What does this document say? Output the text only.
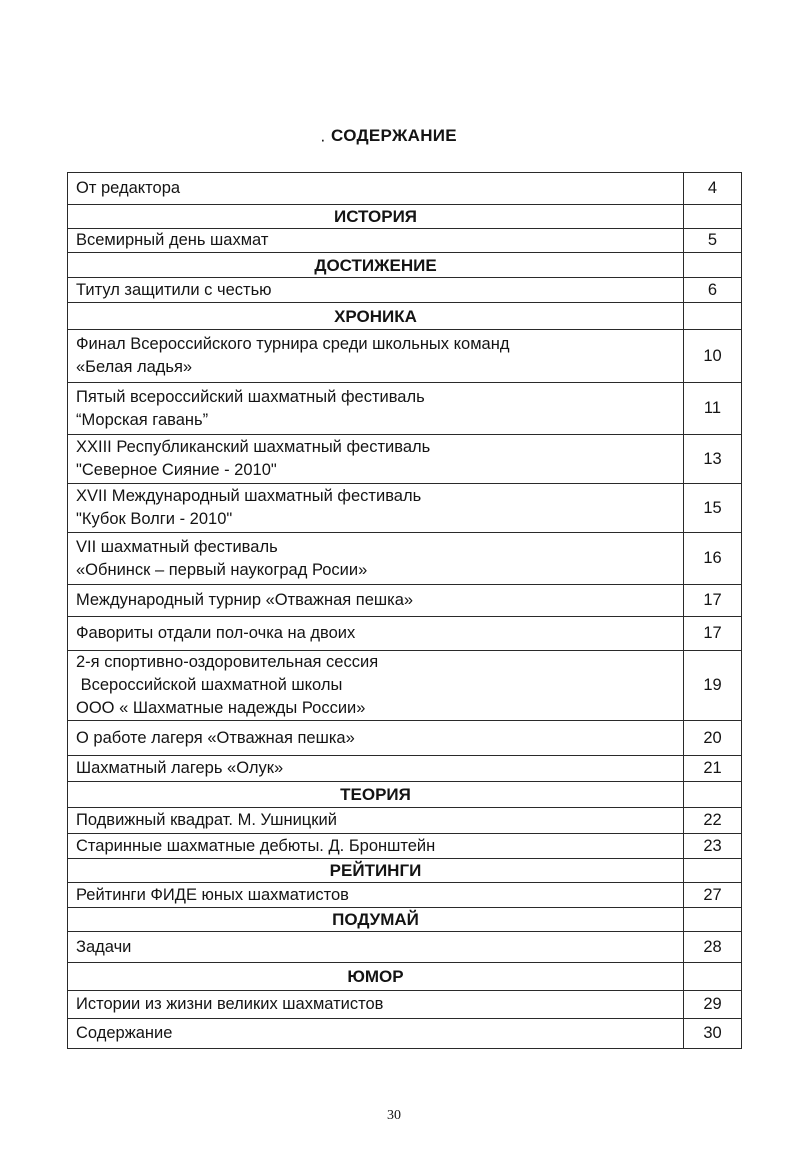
· СОДЕРЖАНИЕ
От редактора	4

ИСТОРИЯ	

Всемирный день шахмат	5

ДОСТИЖЕНИЕ	

Титул защитили с честью	6

ХРОНИКА	

Финал Всероссийского турнира среди школьных команд
«Белая ладья»	10

Пятый всероссийский шахматный фестиваль
“Морская гавань”	11

XXIII Республиканский шахматный фестиваль
"Северное Сияние - 2010"	13

XVII Международный шахматный фестиваль
"Кубок Волги - 2010"	15

VII шахматный фестиваль
«Обнинск – первый наукоград Росии»	16

Международный турнир «Отважная пешка»	17

Фавориты отдали пол-очка на двоих	17

2-я спортивно-оздоровительная сессия
Всероссийской шахматной школы
ООО « Шахматные надежды России»	19

О работе лагеря «Отважная пешка»	20

Шахматный лагерь «Олук»	21

ТЕОРИЯ	

Подвижный квадрат. М. Ушницкий	22

Старинные шахматные дебюты. Д. Бронштейн	23

РЕЙТИНГИ	

Рейтинги ФИДЕ юных шахматистов	27

ПОДУМАЙ	

Задачи	28

ЮМОР	

Истории из жизни великих шахматистов	29

Содержание	30
30
